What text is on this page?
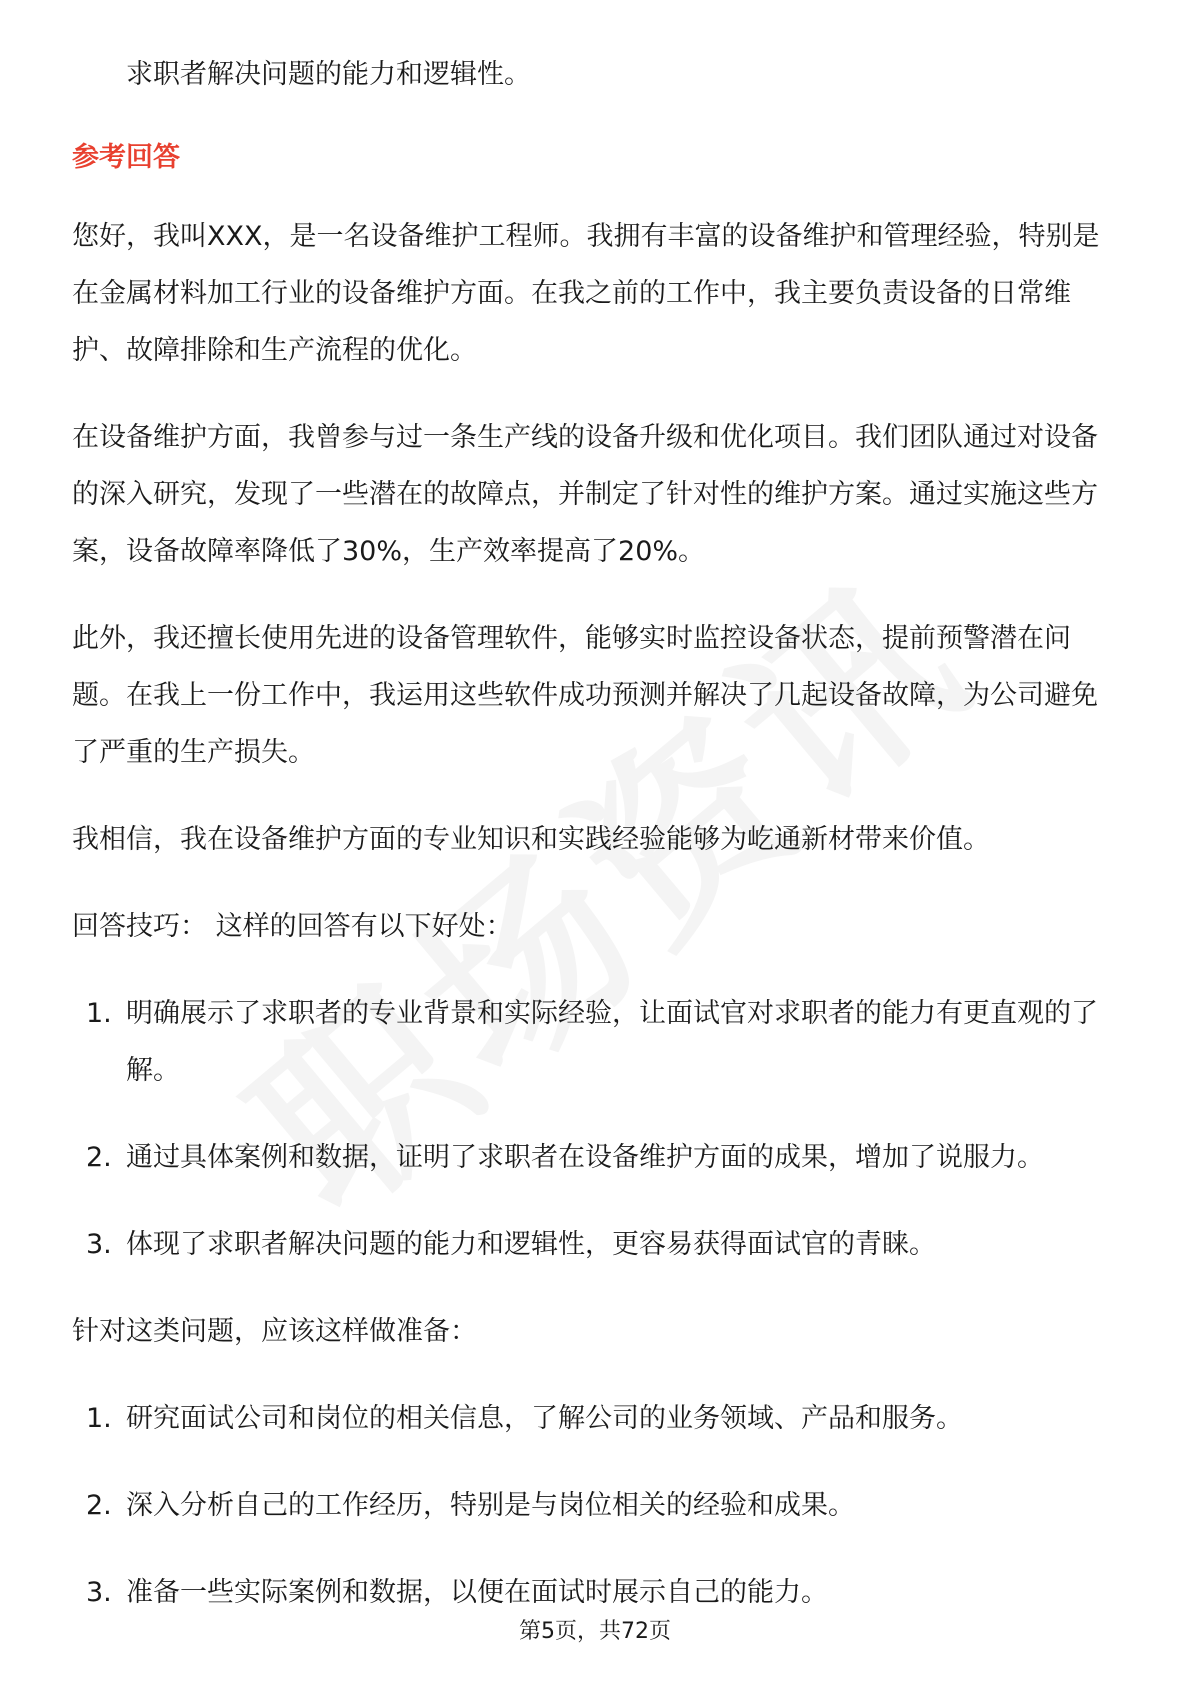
求职者解决问题的能力和逻辑性。

参考回答

您好，我叫XXX，是一名设备维护工程师。我拥有丰富的设备维护和管理经验，特别是在金属材料加工行业的设备维护方面。在我之前的工作中，我主要负责设备的日常维护、故障排除和生产流程的优化。

在设备维护方面，我曾参与过一条生产线的设备升级和优化项目。我们团队通过对设备的深入研究，发现了一些潜在的故障点，并制定了针对性的维护方案。通过实施这些方案，设备故障率降低了30%，生产效率提高了20%。

此外，我还擅长使用先进的设备管理软件，能够实时监控设备状态，提前预警潜在问题。在我上一份工作中，我运用这些软件成功预测并解决了几起设备故障，为公司避免了严重的生产损失。

我相信，我在设备维护方面的专业知识和实践经验能够为屹通新材带来价值。

回答技巧： 这样的回答有以下好处：

1. 明确展示了求职者的专业背景和实际经验，让面试官对求职者的能力有更直观的了解。
2. 通过具体案例和数据，证明了求职者在设备维护方面的成果，增加了说服力。
3. 体现了求职者解决问题的能力和逻辑性，更容易获得面试官的青睐。

针对这类问题，应该这样做准备：

1. 研究面试公司和岗位的相关信息，了解公司的业务领域、产品和服务。
2. 深入分析自己的工作经历，特别是与岗位相关的经验和成果。
3. 准备一些实际案例和数据，以便在面试时展示自己的能力。
第5页，共72页
